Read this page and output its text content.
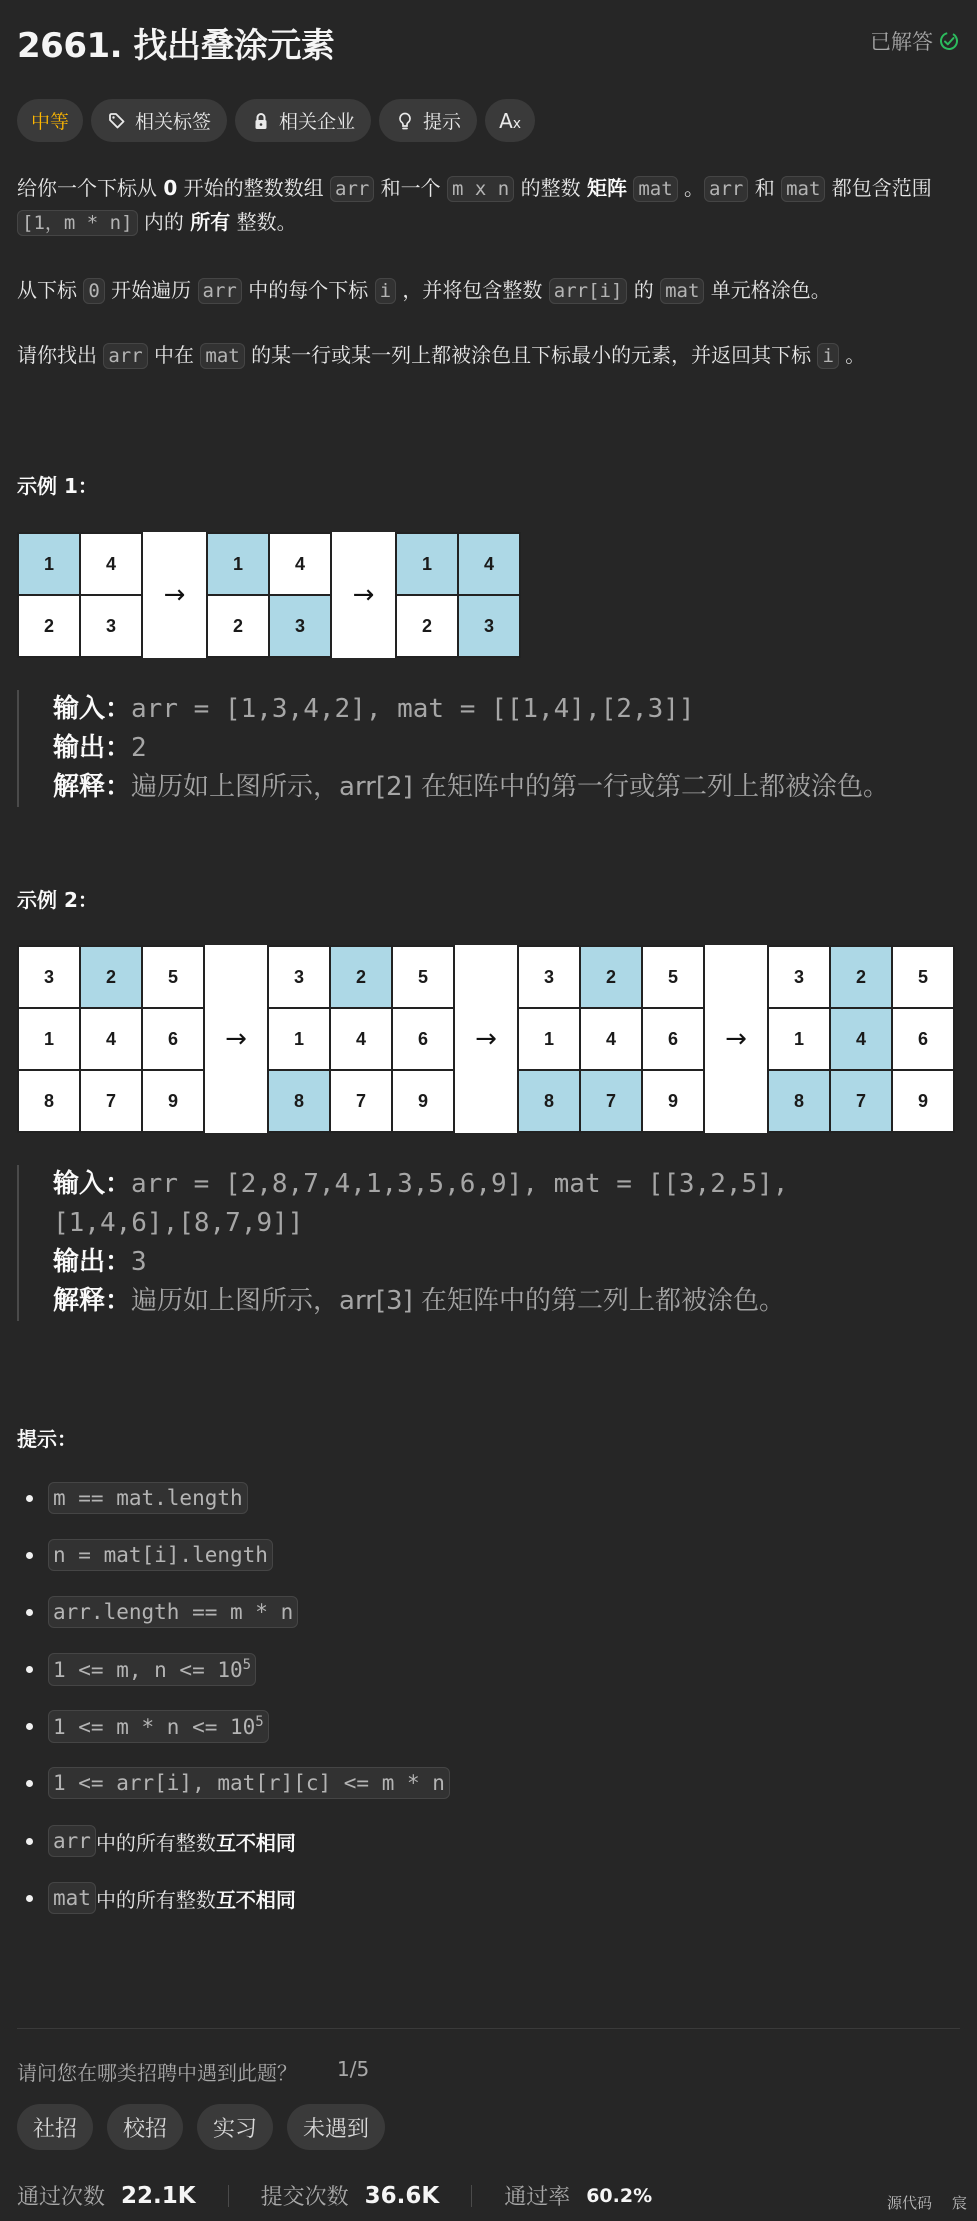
2661. 找出叠涂元素	已解答
中等	相关标签	相关企业	提示 Ax
给你一个下标从 0 开始的整数数组 arr 和一个 m x n 的整数 矩阵 mat 。 arr 和 mat 都包含范围 [1，m * n] 内的 所有 整数。
从下标 0 开始遍历 arr 中的每个下标 i ，并将包含整数 arr[i] 的 mat 单元格涂色。
请你找出 arr 中在 mat 的某一行或某一列上都被涂色且下标最小的元素，并返回其下标 i 。
示例 1：
1	4
2	3
→
1	4
2	3
→
1	4
2	3
输入：arr = [1,3,4,2], mat = [[1,4],[2,3]]
输出：2
解释：遍历如上图所示，arr[2] 在矩阵中的第一行或第二列上都被涂色。
示例 2：
3	2	5
1	4	6
8	7	9
→
3	2	5
1	4	6
8	7	9
→
3	2	5
1	4	6
8	7	9
→
3	2	5
1	4	6
8	7	9
输入：arr = [2,8,7,4,1,3,5,6,9], mat = [[3,2,5],
[1,4,6],[8,7,9]]
输出：3
解释：遍历如上图所示，arr[3] 在矩阵中的第二列上都被涂色。
提示：
m == mat.length
n = mat[i].length
arr.length == m * n
1 <= m, $n <= 10^5$
$1 <= m * n <= 10^5$
1 <= arr[i], mat[r][c] <= m * n
arr 中的所有整数 互不相同
mat 中的所有整数 互不相同
请问您在哪类招聘中遇到此题？ 1/5
社招	校招	实习	未遇到
通过次数 22.1K	提交次数 36.6K	通过率 60.2%	源代码 宸
